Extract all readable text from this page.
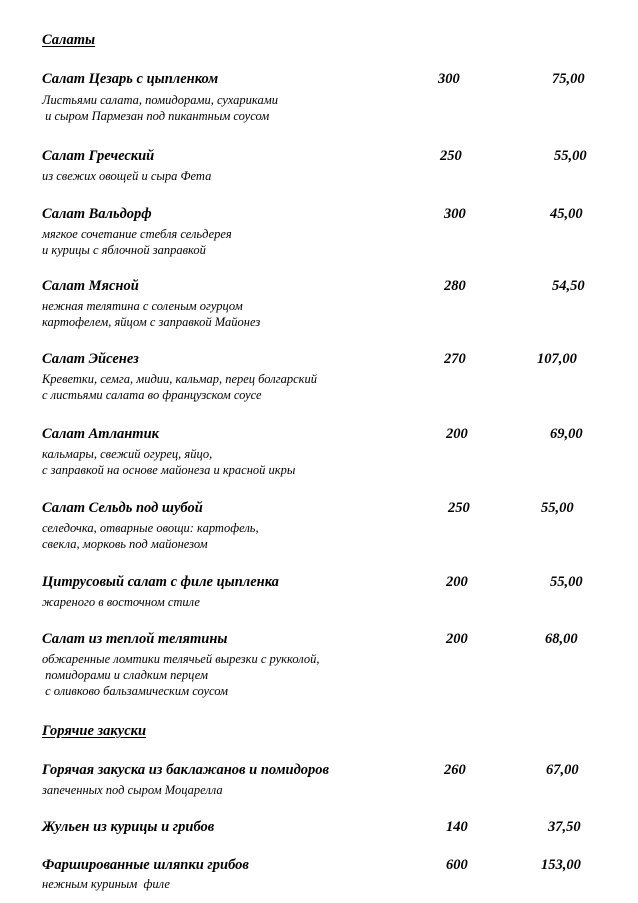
Салаты
Салат Цезарь с цыпленком	300	75,00
Листьями салата, помидорами, сухариками
и сыром Пармезан под пикантным соусом
Салат Греческий	250	55,00
из свежих овощей и сыра Фета
Салат Вальдорф	300	45,00
мягкое сочетание стебля сельдерея
и курицы с яблочной заправкой
Салат Мясной	280	54,50
нежная телятина с соленым огурцом
картофелем, яйцом с заправкой Майонез
Салат Эйсенез	270	107,00
Креветки, семга, мидии, кальмар, перец болгарский
с листьями салата во французском соусе
Салат Атлантик	200	69,00
кальмары, свежий огурец, яйцо,
с заправкой на основе майонеза и красной икры
Салат Сельдь под шубой	250	55,00
селедочка, отварные овощи: картофель,
свекла, морковь под майонезом
Цитрусовый салат с филе цыпленка	200	55,00
жареного в восточном стиле
Салат из теплой телятины	200	68,00
обжаренные ломтики телячьей вырезки с рукколой,
помидорами и сладким перцем
с оливково бальзамическим соусом
Горячие закуски
Горячая закуска из баклажанов и помидоров	260	67,00
запеченных под сыром Моцарелла
Жульен из курицы и грибов	140	37,50
Фаршированные шляпки грибов	600	153,00
нежным куриным  филе
